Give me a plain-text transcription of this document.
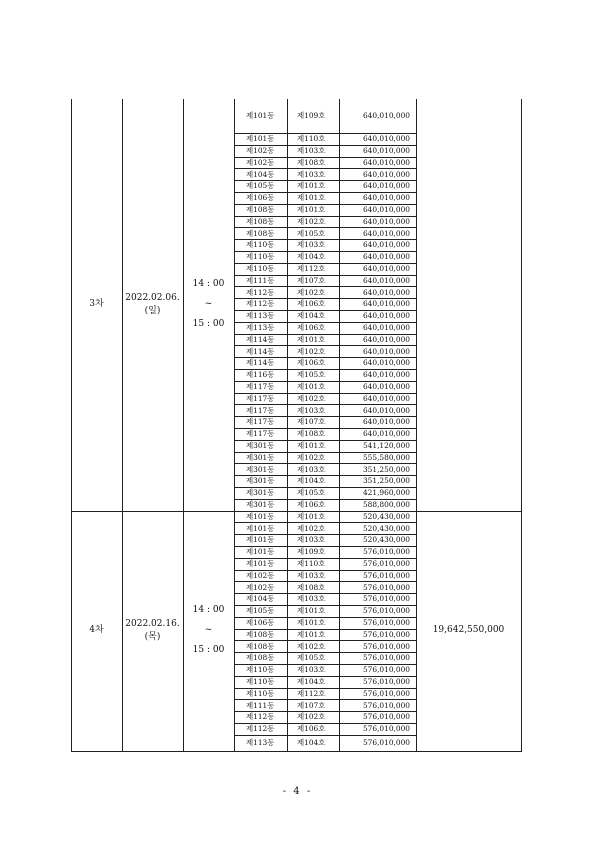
제101동	제109호	640,010,000
제101동	제110호	640,010,000
제102동	제103호	640,010,000
제102동	제108호	640,010,000
제104동	제103호	640,010,000
제105동	제101호	640,010,000
제106동	제101호	640,010,000
제108동	제101호	640,010,000
제108동	제102호	640,010,000
제108동	제105호	640,010,000
제110동	제103호	640,010,000
제110동	제104호	640,010,000
제110동	제112호	640,010,000
제111동	제107호	640,010,000
제112동	제102호	640,010,000
제112동	제106호	640,010,000
제113동	제104호	640,010,000
제113동	제106호	640,010,000
제114동	제101호	640,010,000
제114동	제102호	640,010,000
제114동	제106호	640,010,000
제116동	제105호	640,010,000
제117동	제101호	640,010,000
제117동	제102호	640,010,000
제117동	제103호	640,010,000
제117동	제107호	640,010,000
제117동	제108호	640,010,000
제301동	제101호	541,120,000
제301동	제102호	555,580,000
제301동	제103호	351,250,000
제301동	제104호	351,250,000
제301동	제105호	421,960,000
제301동	제106호	588,800,000
3차
2022.02.06.
(일)
14 : 00
~
15 : 00
제101동	제101호	520,430,000
제101동	제102호	520,430,000
제101동	제103호	520,430,000
제101동	제109호	576,010,000
제101동	제110호	576,010,000
제102동	제103호	576,010,000
제102동	제108호	576,010,000
제104동	제103호	576,010,000
제105동	제101호	576,010,000
제106동	제101호	576,010,000
제108동	제101호	576,010,000
제108동	제102호	576,010,000
제108동	제105호	576,010,000
제110동	제103호	576,010,000
제110동	제104호	576,010,000
제110동	제112호	576,010,000
제111동	제107호	576,010,000
제112동	제102호	576,010,000
제112동	제106호	576,010,000
제113동	제104호	576,010,000
4차
2022.02.16.
(목)
14 : 00
~
15 : 00
19,642,550,000
- 4 -
